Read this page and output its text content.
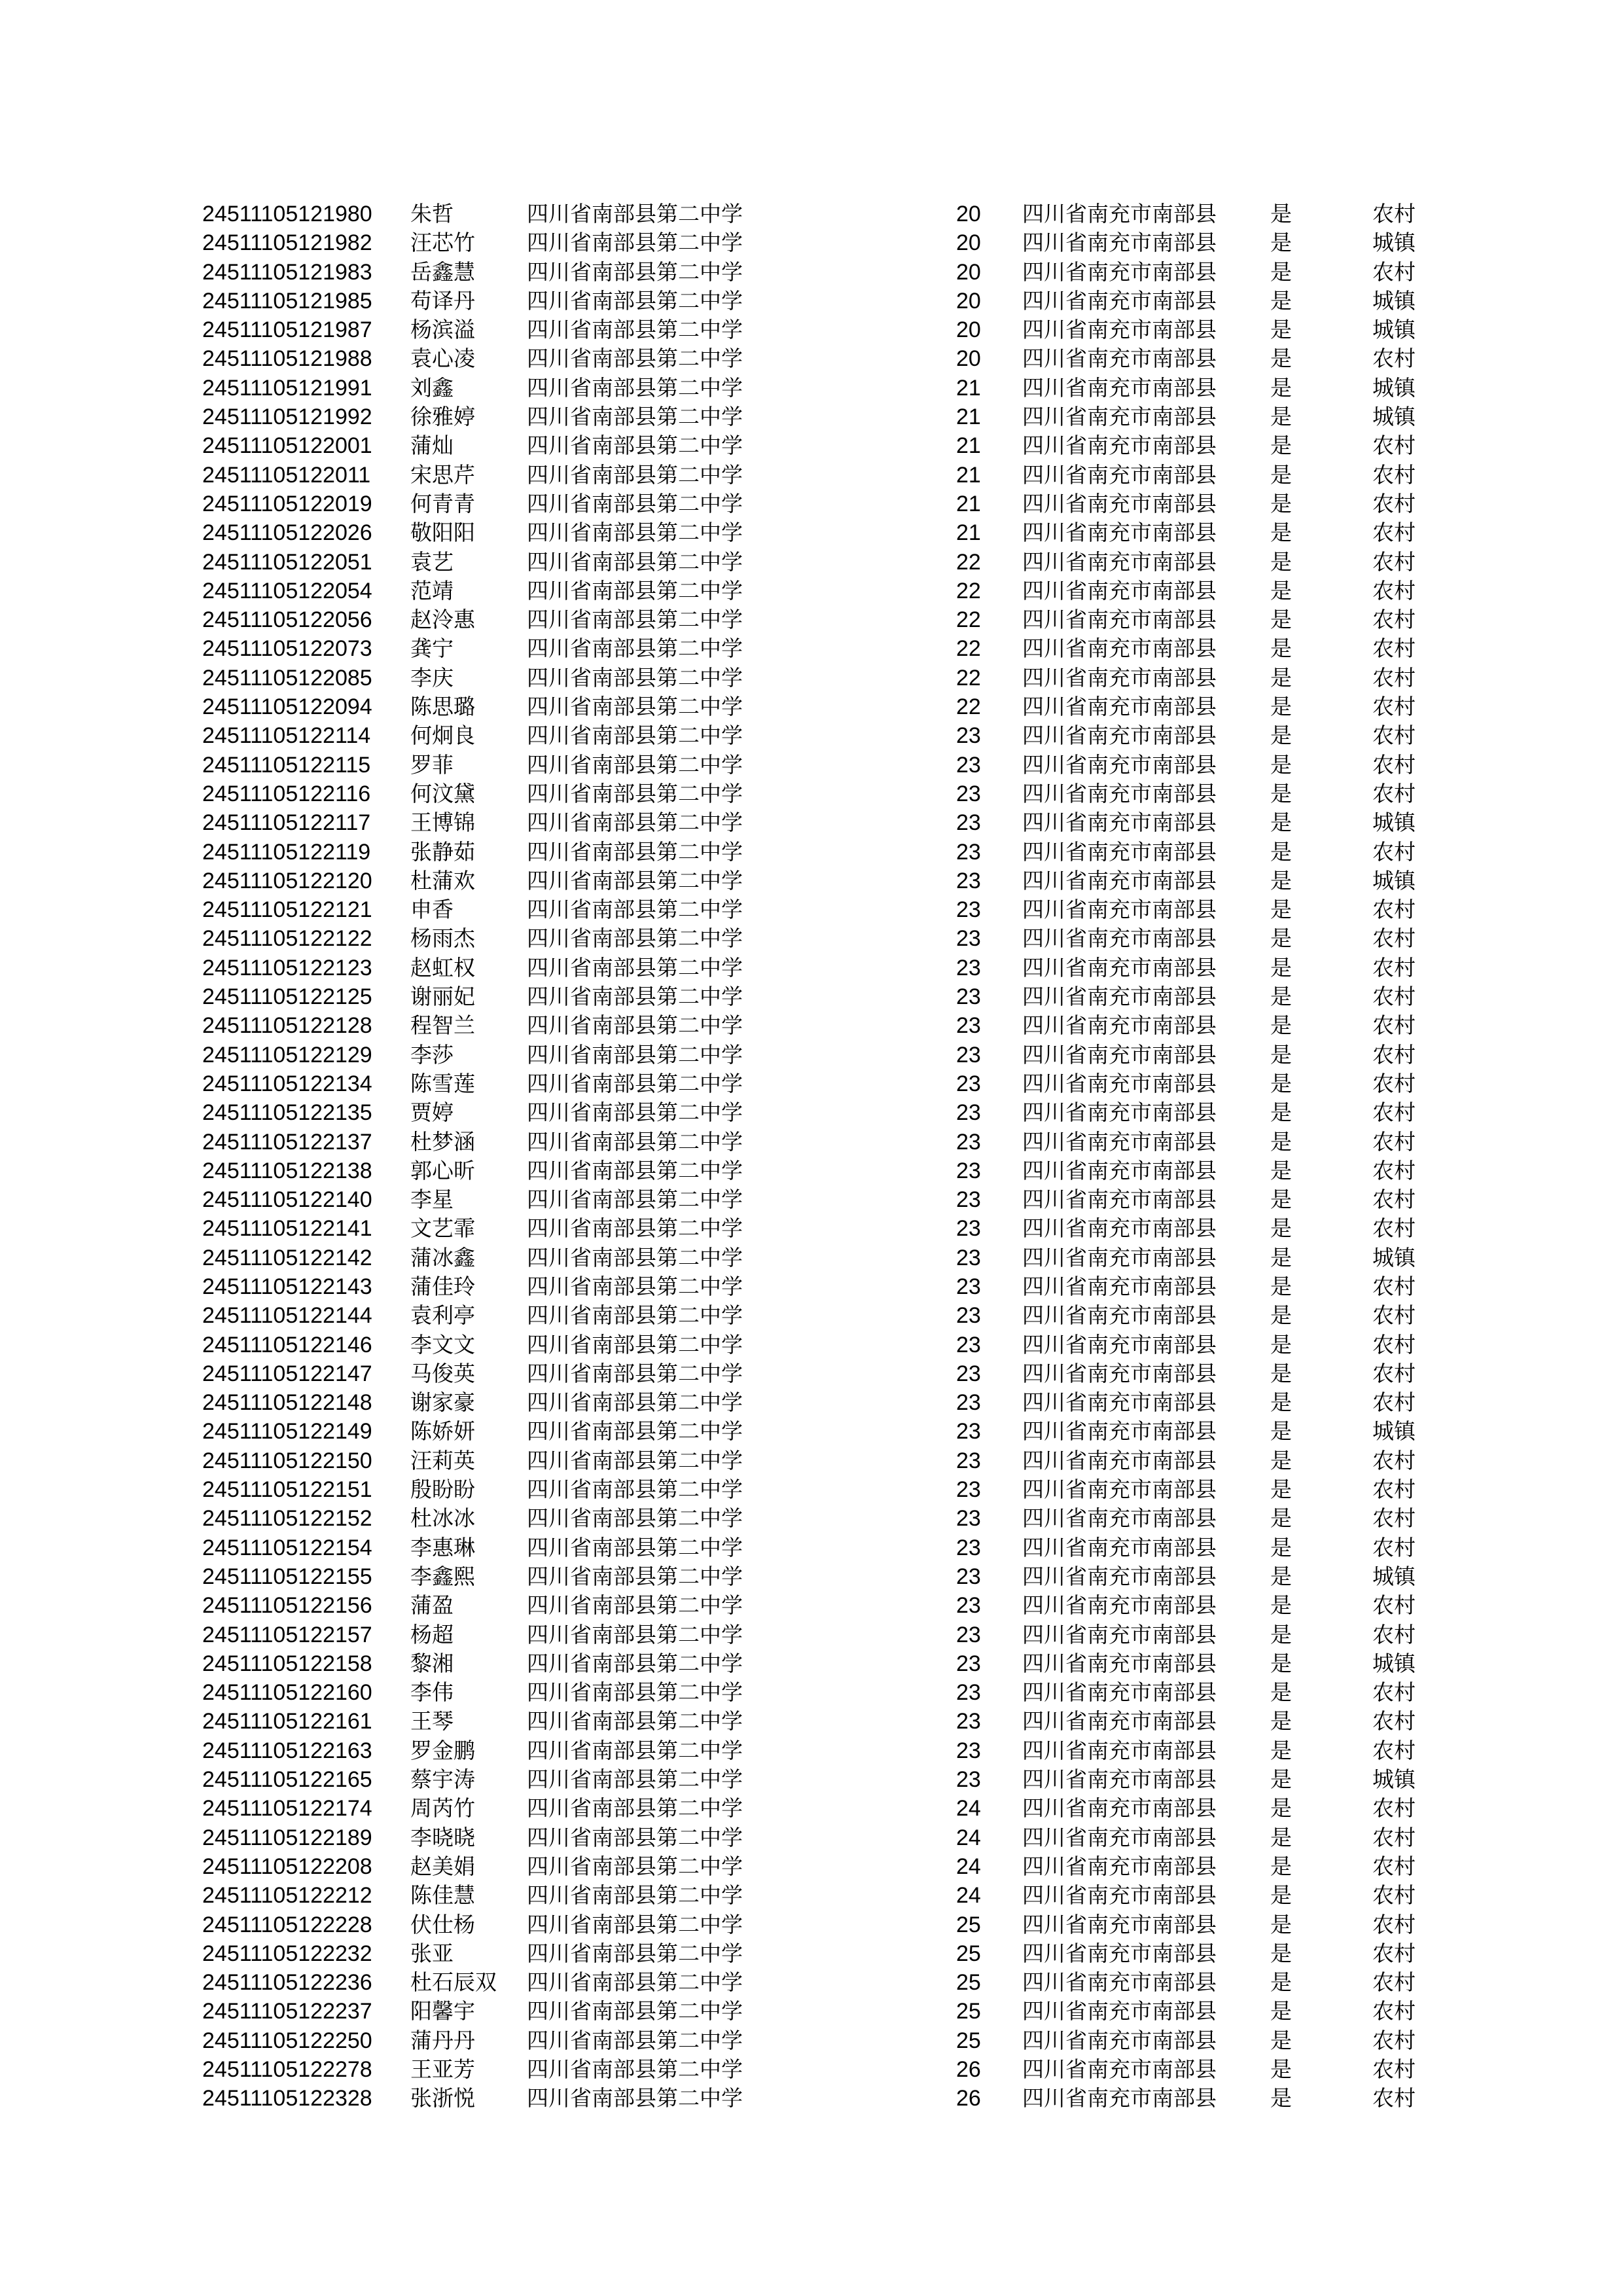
24511105121980 朱哲	四川省南部县第二中学	20 四川省南充市南部县 是	农村
24511105121982 汪芯竹 四川省南部县第二中学	20 四川省南充市南部县 是	城镇
24511105121983 岳鑫慧 四川省南部县第二中学	20 四川省南充市南部县 是	农村
24511105121985 苟译丹 四川省南部县第二中学	20 四川省南充市南部县 是	城镇
24511105121987 杨滨溢 四川省南部县第二中学	20 四川省南充市南部县 是	城镇
24511105121988 袁心凌 四川省南部县第二中学	20 四川省南充市南部县 是	农村
24511105121991 刘鑫	四川省南部县第二中学	21 四川省南充市南部县 是	城镇
24511105121992 徐雅婷 四川省南部县第二中学	21 四川省南充市南部县 是	城镇
24511105122001 蒲灿	四川省南部县第二中学	21 四川省南充市南部县 是	农村
24511105122011 宋思芹 四川省南部县第二中学	21 四川省南充市南部县 是	农村
24511105122019 何青青 四川省南部县第二中学	21 四川省南充市南部县 是	农村
24511105122026 敬阳阳 四川省南部县第二中学	21 四川省南充市南部县 是	农村
24511105122051 袁艺	四川省南部县第二中学	22 四川省南充市南部县 是	农村
24511105122054 范靖	四川省南部县第二中学	22 四川省南充市南部县 是	农村
24511105122056 赵泠惠 四川省南部县第二中学	22 四川省南充市南部县 是	农村
24511105122073 龚宁	四川省南部县第二中学	22 四川省南充市南部县 是	农村
24511105122085 李庆	四川省南部县第二中学	22 四川省南充市南部县 是	农村
24511105122094 陈思璐 四川省南部县第二中学	22 四川省南充市南部县 是	农村
24511105122114 何炯良 四川省南部县第二中学	23 四川省南充市南部县 是	农村
24511105122115 罗菲	四川省南部县第二中学	23 四川省南充市南部县 是	农村
24511105122116 何汶黛 四川省南部县第二中学	23 四川省南充市南部县 是	农村
24511105122117 王博锦 四川省南部县第二中学	23 四川省南充市南部县 是	城镇
24511105122119 张静茹 四川省南部县第二中学	23 四川省南充市南部县 是	农村
24511105122120 杜蒲欢 四川省南部县第二中学	23 四川省南充市南部县 是	城镇
24511105122121 申香	四川省南部县第二中学	23 四川省南充市南部县 是	农村
24511105122122 杨雨杰 四川省南部县第二中学	23 四川省南充市南部县 是	农村
24511105122123 赵虹权 四川省南部县第二中学	23 四川省南充市南部县 是	农村
24511105122125 谢丽妃 四川省南部县第二中学	23 四川省南充市南部县 是	农村
24511105122128 程智兰 四川省南部县第二中学	23 四川省南充市南部县 是	农村
24511105122129 李莎	四川省南部县第二中学	23 四川省南充市南部县 是	农村
24511105122134 陈雪莲 四川省南部县第二中学	23 四川省南充市南部县 是	农村
24511105122135 贾婷	四川省南部县第二中学	23 四川省南充市南部县 是	农村
24511105122137 杜梦涵 四川省南部县第二中学	23 四川省南充市南部县 是	农村
24511105122138 郭心昕 四川省南部县第二中学	23 四川省南充市南部县 是	农村
24511105122140 李星	四川省南部县第二中学	23 四川省南充市南部县 是	农村
24511105122141 文艺霏 四川省南部县第二中学	23 四川省南充市南部县 是	农村
24511105122142 蒲冰鑫 四川省南部县第二中学	23 四川省南充市南部县 是	城镇
24511105122143 蒲佳玲 四川省南部县第二中学	23 四川省南充市南部县 是	农村
24511105122144 袁利亭 四川省南部县第二中学	23 四川省南充市南部县 是	农村
24511105122146 李文文 四川省南部县第二中学	23 四川省南充市南部县 是	农村
24511105122147 马俊英 四川省南部县第二中学	23 四川省南充市南部县 是	农村
24511105122148 谢家豪 四川省南部县第二中学	23 四川省南充市南部县 是	农村
24511105122149 陈娇妍 四川省南部县第二中学	23 四川省南充市南部县 是	城镇
24511105122150 汪莉英 四川省南部县第二中学	23 四川省南充市南部县 是	农村
24511105122151 殷盼盼 四川省南部县第二中学	23 四川省南充市南部县 是	农村
24511105122152 杜冰冰 四川省南部县第二中学	23 四川省南充市南部县 是	农村
24511105122154 李惠琳 四川省南部县第二中学	23 四川省南充市南部县 是	农村
24511105122155 李鑫熙 四川省南部县第二中学	23 四川省南充市南部县 是	城镇
24511105122156 蒲盈	四川省南部县第二中学	23 四川省南充市南部县 是	农村
24511105122157 杨超	四川省南部县第二中学	23 四川省南充市南部县 是	农村
24511105122158 黎湘	四川省南部县第二中学	23 四川省南充市南部县 是	城镇
24511105122160 李伟	四川省南部县第二中学	23 四川省南充市南部县 是	农村
24511105122161 王琴	四川省南部县第二中学	23 四川省南充市南部县 是	农村
24511105122163 罗金鹏 四川省南部县第二中学	23 四川省南充市南部县 是	农村
24511105122165 蔡宇涛 四川省南部县第二中学	23 四川省南充市南部县 是	城镇
24511105122174 周芮竹 四川省南部县第二中学	24 四川省南充市南部县 是	农村
24511105122189 李晓晓 四川省南部县第二中学	24 四川省南充市南部县 是	农村
24511105122208 赵美娟 四川省南部县第二中学	24 四川省南充市南部县 是	农村
24511105122212 陈佳慧 四川省南部县第二中学	24 四川省南充市南部县 是	农村
24511105122228 伏仕杨 四川省南部县第二中学	25 四川省南充市南部县 是	农村
24511105122232 张亚	四川省南部县第二中学	25 四川省南充市南部县 是	农村
24511105122236 杜石辰双 四川省南部县第二中学	25 四川省南充市南部县 是	农村
24511105122237 阳馨宇 四川省南部县第二中学	25 四川省南充市南部县 是	农村
24511105122250 蒲丹丹 四川省南部县第二中学	25 四川省南充市南部县 是	农村
24511105122278 王亚芳 四川省南部县第二中学	26 四川省南充市南部县 是	农村
24511105122328 张浙悦 四川省南部县第二中学	26 四川省南充市南部县 是	农村
